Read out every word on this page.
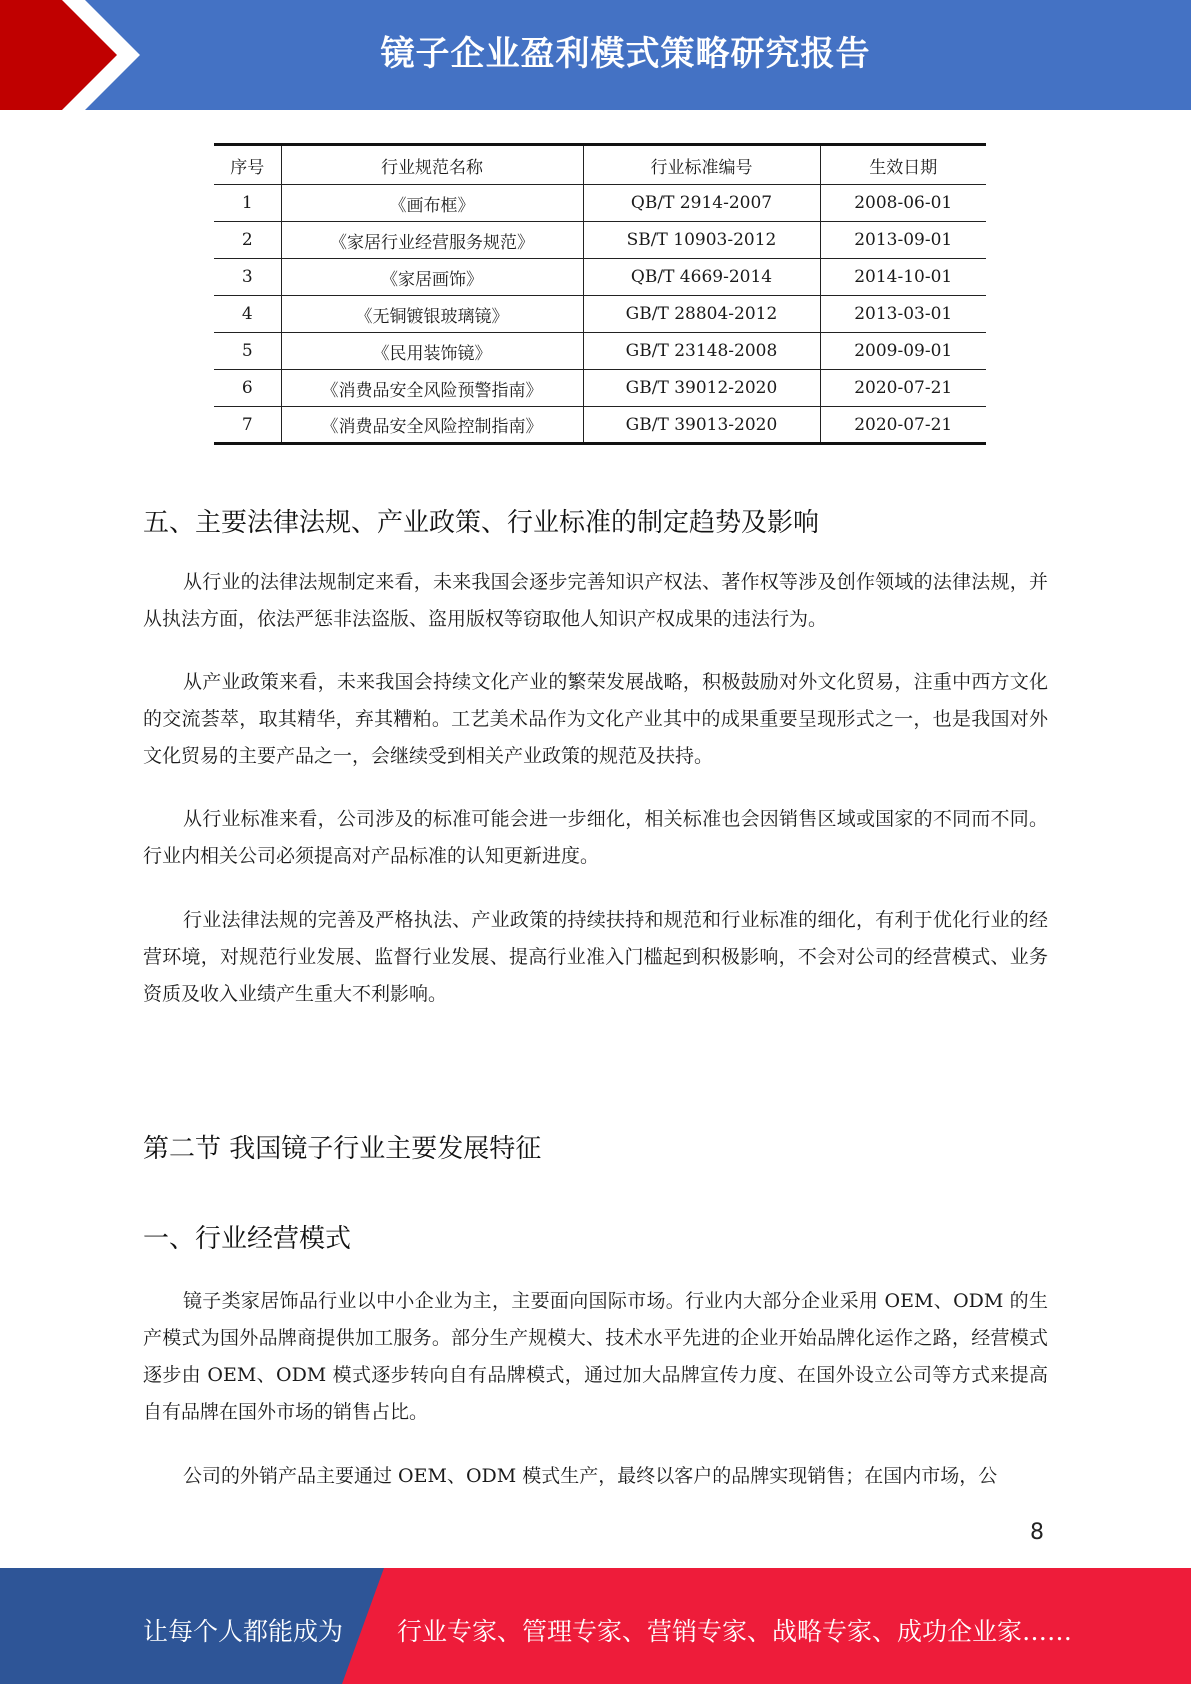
镜子企业盈利模式策略研究报告
序号	行业规范名称	行业标准编号	生效日期
1	《画布框》	QB/T 2914-2007	2008-06-01
2	《家居行业经营服务规范》	SB/T 10903-2012	2013-09-01
3	《家居画饰》	QB/T 4669-2014	2014-10-01
4	《无铜镀银玻璃镜》	GB/T 28804-2012	2013-03-01
5	《民用装饰镜》	GB/T 23148-2008	2009-09-01
6	《消费品安全风险预警指南》	GB/T 39012-2020	2020-07-21
7	《消费品安全风险控制指南》	GB/T 39013-2020	2020-07-21
五、主要法律法规、产业政策、行业标准的制定趋势及影响

从行业的法律法规制定来看，未来我国会逐步完善知识产权法、著作权等涉及创作领域的法律法规，并从执法方面，依法严惩非法盗版、盗用版权等窃取他人知识产权成果的违法行为。

从产业政策来看，未来我国会持续文化产业的繁荣发展战略，积极鼓励对外文化贸易，注重中西方文化的交流荟萃，取其精华，弃其糟粕。工艺美术品作为文化产业其中的成果重要呈现形式之一，也是我国对外文化贸易的主要产品之一，会继续受到相关产业政策的规范及扶持。

从行业标准来看，公司涉及的标准可能会进一步细化，相关标准也会因销售区域或国家的不同而不同。行业内相关公司必须提高对产品标准的认知更新进度。

行业法律法规的完善及严格执法、产业政策的持续扶持和规范和行业标准的细化，有利于优化行业的经营环境，对规范行业发展、监督行业发展、提高行业准入门槛起到积极影响，不会对公司的经营模式、业务资质及收入业绩产生重大不利影响。

第二节 我国镜子行业主要发展特征
一、行业经营模式

镜子类家居饰品行业以中小企业为主，主要面向国际市场。行业内大部分企业采用 OEM、ODM 的生产模式为国外品牌商提供加工服务。部分生产规模大、技术水平先进的企业开始品牌化运作之路，经营模式逐步由 OEM、ODM 模式逐步转向自有品牌模式，通过加大品牌宣传力度、在国外设立公司等方式来提高自有品牌在国外市场的销售占比。

公司的外销产品主要通过 OEM、ODM 模式生产，最终以客户的品牌实现销售；在国内市场，公

8
让每个人都能成为 行业专家、管理专家、营销专家、战略专家、成功企业家……
